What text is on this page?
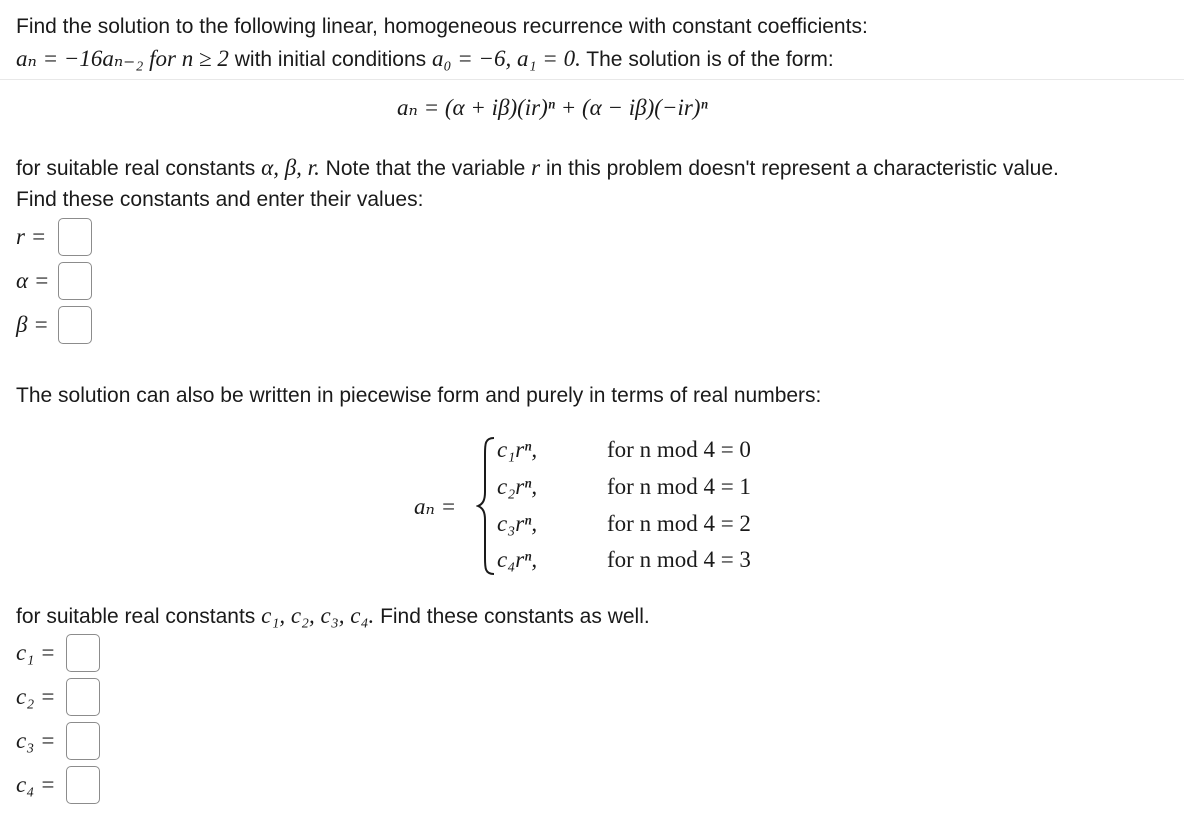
Find the solution to the following linear, homogeneous recurrence with constant coefficients:
aₙ = −16aₙ₋₂ for n ≥ 2 with initial conditions a₀ = −6, a₁ = 0. The solution is of the form:
aₙ = (α + iβ)(ir)ⁿ + (α − iβ)(−ir)ⁿ
for suitable real constants α, β, r. Note that the variable r in this problem doesn't represent a characteristic value.
Find these constants and enter their values:
r =
α =
β =
The solution can also be written in piecewise form and purely in terms of real numbers:
aₙ =
c₁rⁿ,	for n mod 4 = 0
c₂rⁿ,	for n mod 4 = 1
c₃rⁿ,	for n mod 4 = 2
c₄rⁿ,	for n mod 4 = 3
for suitable real constants c₁, c₂, c₃, c₄. Find these constants as well.
c₁ =
c₂ =
c₃ =
c₄ =
